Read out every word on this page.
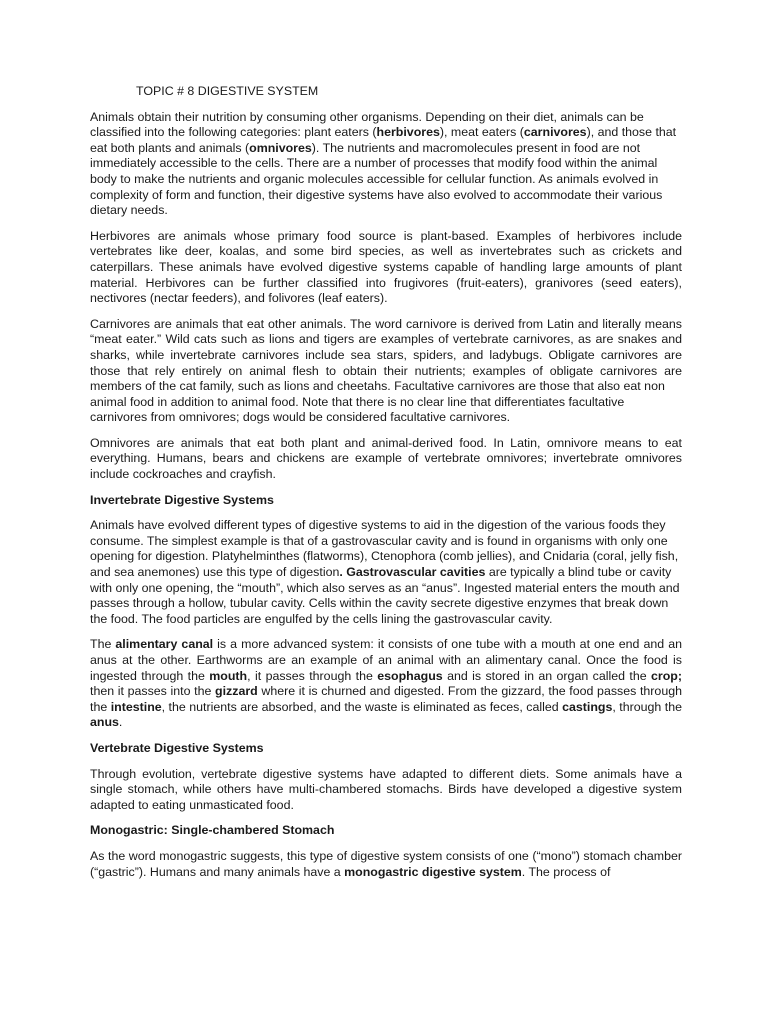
TOPIC # 8 DIGESTIVE SYSTEM

Animals obtain their nutrition by consuming other organisms. Depending on their diet, animals can be classified into the following categories: plant eaters (herbivores), meat eaters (carnivores), and those that eat both plants and animals (omnivores). The nutrients and macromolecules present in food are not immediately accessible to the cells. There are a number of processes that modify food within the animal body to make the nutrients and organic molecules accessible for cellular function. As animals evolved in complexity of form and function, their digestive systems have also evolved to accommodate their various dietary needs.

Herbivores are animals whose primary food source is plant-based. Examples of herbivores include vertebrates like deer, koalas, and some bird species, as well as invertebrates such as crickets and caterpillars. These animals have evolved digestive systems capable of handling large amounts of plant material. Herbivores can be further classified into frugivores (fruit-eaters), granivores (seed eaters), nectivores (nectar feeders), and folivores (leaf eaters).

Carnivores are animals that eat other animals. The word carnivore is derived from Latin and literally means “meat eater.” Wild cats such as lions and tigers are examples of vertebrate carnivores, as are snakes and sharks, while invertebrate carnivores include sea stars, spiders, and ladybugs. Obligate carnivores are those that rely entirely on animal flesh to obtain their nutrients; examples of obligate carnivores are members of the cat family, such as lions and cheetahs. Facultative carnivores are those that also eat non

animal food in addition to animal food. Note that there is no clear line that differentiates facultative carnivores from omnivores; dogs would be considered facultative carnivores.

Omnivores are animals that eat both plant and animal-derived food. In Latin, omnivore means to eat everything. Humans, bears and chickens are example of vertebrate omnivores; invertebrate omnivores include cockroaches and crayfish.

Invertebrate Digestive Systems

Animals have evolved different types of digestive systems to aid in the digestion of the various foods they consume. The simplest example is that of a gastrovascular cavity and is found in organisms with only one opening for digestion. Platyhelminthes (flatworms), Ctenophora (comb jellies), and Cnidaria (coral, jelly fish, and sea anemones) use this type of digestion. Gastrovascular cavities are typically a blind tube or cavity with only one opening, the “mouth”, which also serves as an “anus”. Ingested material enters the mouth and passes through a hollow, tubular cavity. Cells within the cavity secrete digestive enzymes that break down the food. The food particles are engulfed by the cells lining the gastrovascular cavity.

The alimentary canal is a more advanced system: it consists of one tube with a mouth at one end and an anus at the other. Earthworms are an example of an animal with an alimentary canal. Once the food is ingested through the mouth, it passes through the esophagus and is stored in an organ called the crop; then it passes into the gizzard where it is churned and digested. From the gizzard, the food passes through the intestine, the nutrients are absorbed, and the waste is eliminated as feces, called castings, through the anus.

Vertebrate Digestive Systems

Through evolution, vertebrate digestive systems have adapted to different diets. Some animals have a single stomach, while others have multi-chambered stomachs. Birds have developed a digestive system adapted to eating unmasticated food.

Monogastric: Single-chambered Stomach

As the word monogastric suggests, this type of digestive system consists of one (“mono”) stomach chamber (“gastric”). Humans and many animals have a monogastric digestive system. The process of
